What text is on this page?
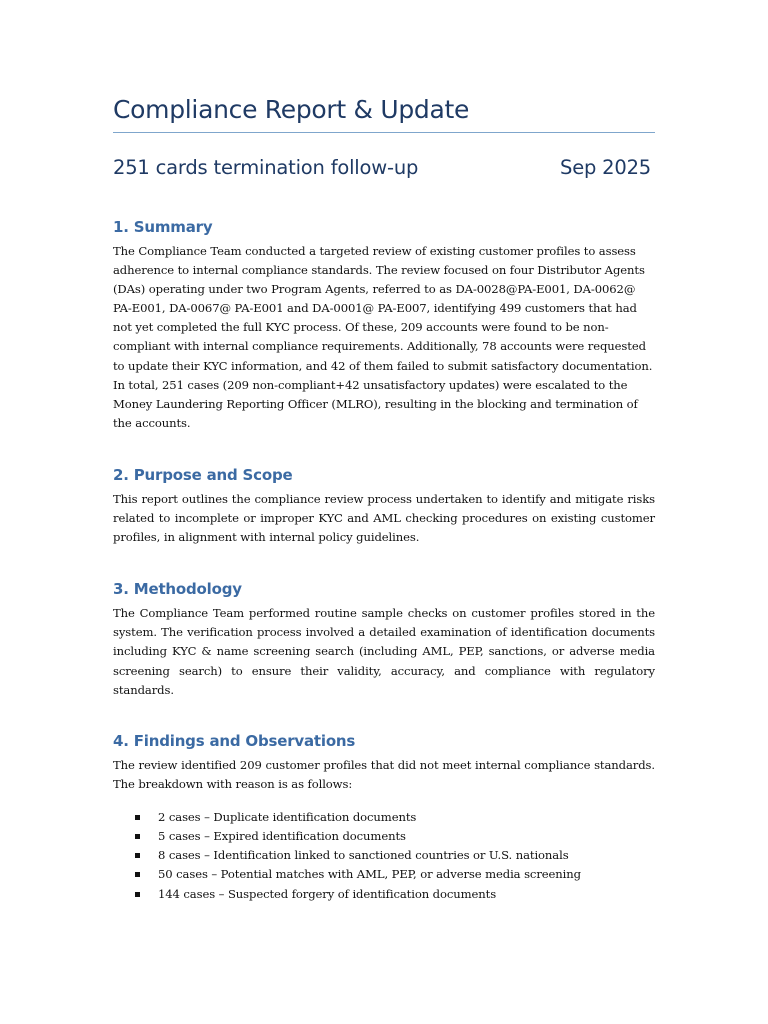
Compliance Report & Update
251 cards termination follow-up	Sep 2025
1. Summary

The Compliance Team conducted a targeted review of existing customer profiles to assess adherence to internal compliance standards. The review focused on four Distributor Agents (DAs) operating under two Program Agents, referred to as DA-0028@PA-E001, DA-0062@ PA-E001, DA-0067@ PA-E001 and DA-0001@ PA-E007, identifying 499 customers that had not yet completed the full KYC process. Of these, 209 accounts were found to be non-compliant with internal compliance requirements. Additionally, 78 accounts were requested to update their KYC information, and 42 of them failed to submit satisfactory documentation. In total, 251 cases (209 non-compliant+42 unsatisfactory updates) were escalated to the Money Laundering Reporting Officer (MLRO), resulting in the blocking and termination of the accounts.

2. Purpose and Scope

This report outlines the compliance review process undertaken to identify and mitigate risks related to incomplete or improper KYC and AML checking procedures on existing customer profiles, in alignment with internal policy guidelines.

3. Methodology

The Compliance Team performed routine sample checks on customer profiles stored in the system. The verification process involved a detailed examination of identification documents including KYC & name screening search (including AML, PEP, sanctions, or adverse media screening search) to ensure their validity, accuracy, and compliance with regulatory standards.

4. Findings and Observations

The review identified 209 customer profiles that did not meet internal compliance standards. The breakdown with reason is as follows:

2 cases – Duplicate identification documents
5 cases – Expired identification documents
8 cases – Identification linked to sanctioned countries or U.S. nationals
50 cases – Potential matches with AML, PEP, or adverse media screening
144 cases – Suspected forgery of identification documents
